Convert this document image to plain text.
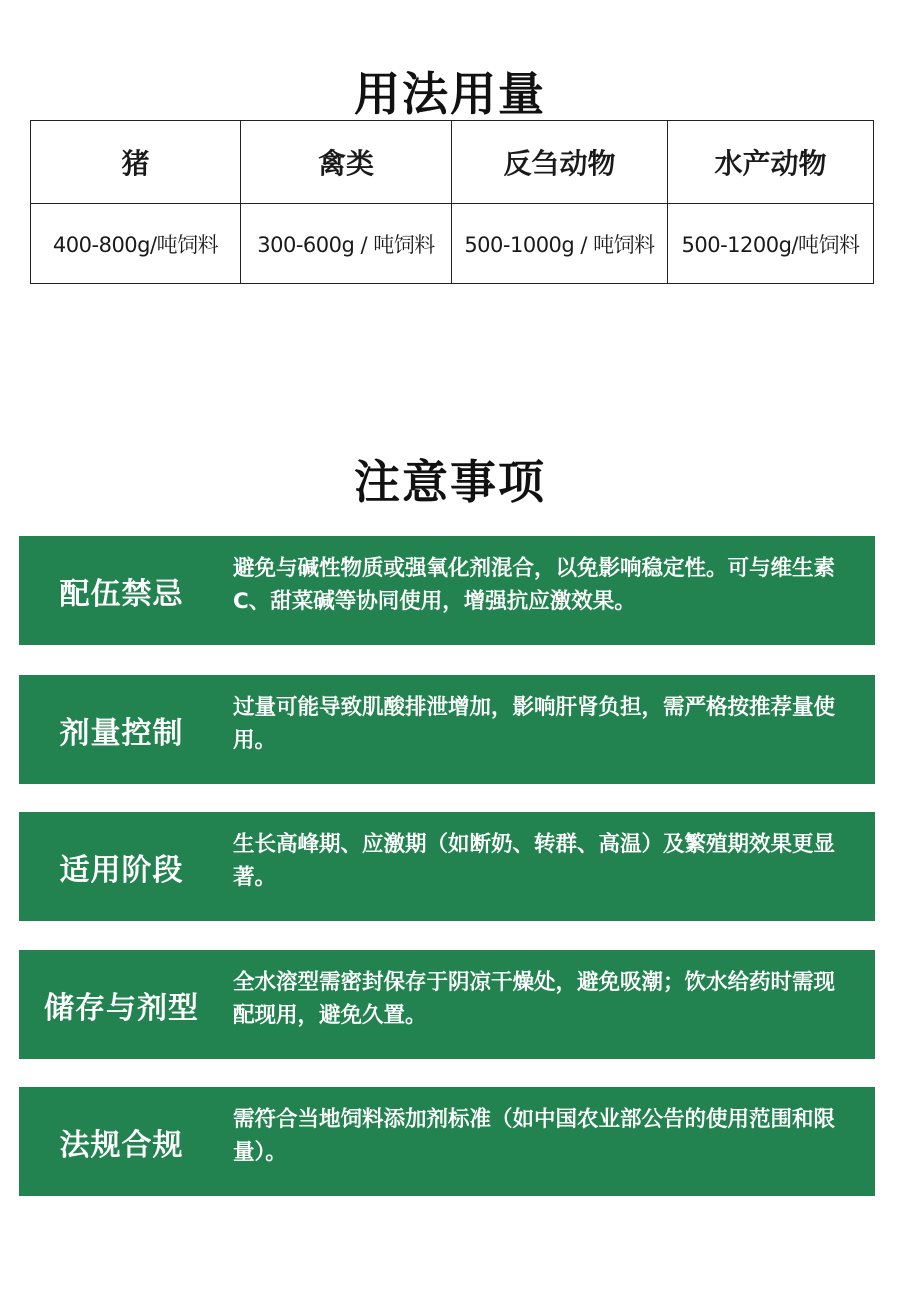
用法用量
猪	禽类	反刍动物	水产动物
400-800g/吨饲料	300-600g / 吨饲料	500-1000g / 吨饲料	500-1200g/吨饲料
注意事项
配伍禁忌
避免与碱性物质或强氧化剂混合，以免影响稳定性。可与维生素 C、甜菜碱等协同使用，增强抗应激效果。
剂量控制
过量可能导致肌酸排泄增加，影响肝肾负担，需严格按推荐量使用。
适用阶段
生长高峰期、应激期（如断奶、转群、高温）及繁殖期效果更显著。
储存与剂型
全水溶型需密封保存于阴凉干燥处，避免吸潮；饮水给药时需现配现用，避免久置。
法规合规
需符合当地饲料添加剂标准（如中国农业部公告的使用范围和限量）。
